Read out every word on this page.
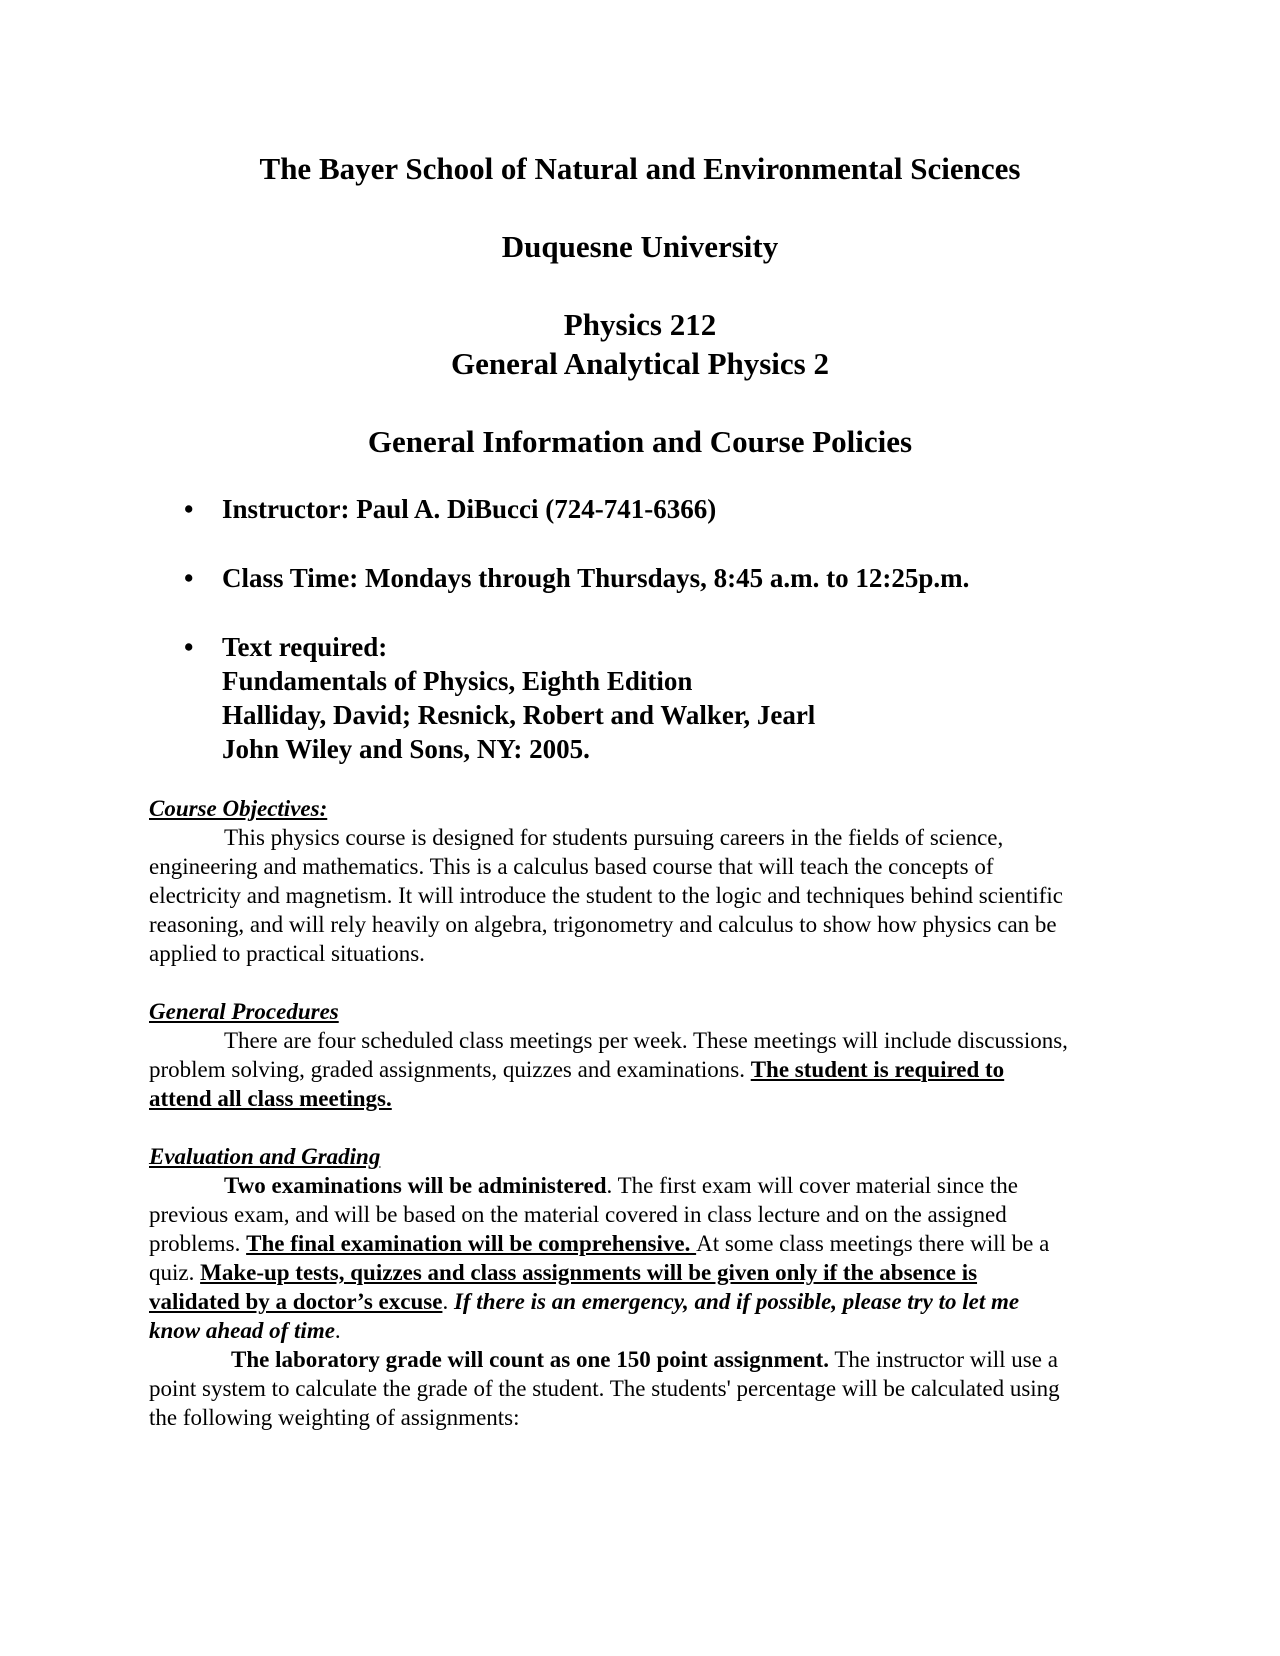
The Bayer School of Natural and Environmental Sciences
Duquesne University
Physics 212
General Analytical Physics 2
General Information and Course Policies
•	Instructor: Paul A. DiBucci (724-741-6366)
•	Class Time: Mondays through Thursdays, 8:45 a.m. to 12:25p.m.
•	Text required:
Fundamentals of Physics, Eighth Edition
Halliday, David; Resnick, Robert and Walker, Jearl
John Wiley and Sons, NY: 2005.
Course Objectives:
This physics course is designed for students pursuing careers in the fields of science,
engineering and mathematics. This is a calculus based course that will teach the concepts of
electricity and magnetism. It will introduce the student to the logic and techniques behind scientific
reasoning, and will rely heavily on algebra, trigonometry and calculus to show how physics can be
applied to practical situations.
General Procedures
There are four scheduled class meetings per week. These meetings will include discussions,
problem solving, graded assignments, quizzes and examinations. The student is required to
attend all class meetings.
Evaluation and Grading
Two examinations will be administered. The first exam will cover material since the
previous exam, and will be based on the material covered in class lecture and on the assigned
problems. The final examination will be comprehensive. At some class meetings there will be a
quiz. Make-up tests, quizzes and class assignments will be given only if the absence is
validated by a doctor’s excuse. If there is an emergency, and if possible, please try to let me
know ahead of time.
The laboratory grade will count as one 150 point assignment. The instructor will use a
point system to calculate the grade of the student. The students' percentage will be calculated using
the following weighting of assignments:
